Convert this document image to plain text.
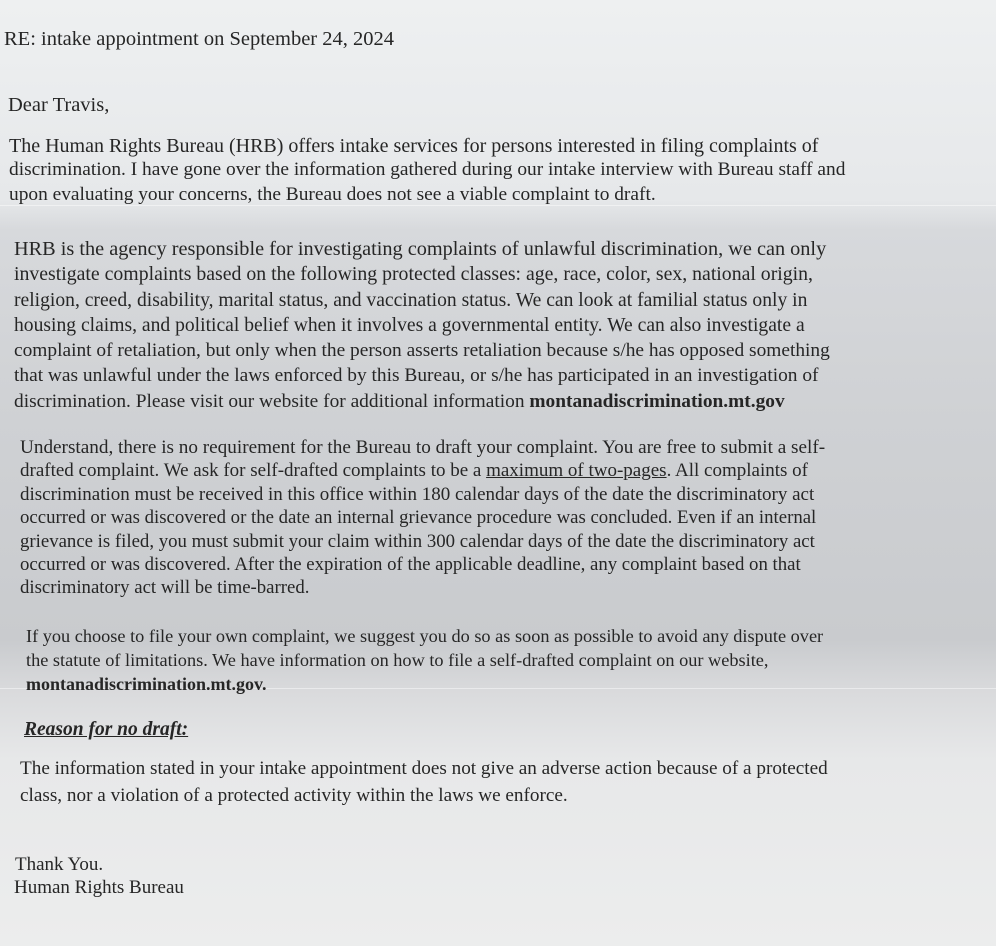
RE: intake appointment on September 24, 2024
Dear Travis,
The Human Rights Bureau (HRB) offers intake services for persons interested in filing complaints of
discrimination. I have gone over the information gathered during our intake interview with Bureau staff and
upon evaluating your concerns, the Bureau does not see a viable complaint to draft.
HRB is the agency responsible for investigating complaints of unlawful discrimination, we can only
investigate complaints based on the following protected classes: age, race, color, sex, national origin,
religion, creed, disability, marital status, and vaccination status. We can look at familial status only in
housing claims, and political belief when it involves a governmental entity. We can also investigate a
complaint of retaliation, but only when the person asserts retaliation because s/he has opposed something
that was unlawful under the laws enforced by this Bureau, or s/he has participated in an investigation of
discrimination. Please visit our website for additional information montanadiscrimination.mt.gov
Understand, there is no requirement for the Bureau to draft your complaint. You are free to submit a self-
drafted complaint. We ask for self-drafted complaints to be a maximum of two-pages. All complaints of
discrimination must be received in this office within 180 calendar days of the date the discriminatory act
occurred or was discovered or the date an internal grievance procedure was concluded. Even if an internal
grievance is filed, you must submit your claim within 300 calendar days of the date the discriminatory act
occurred or was discovered. After the expiration of the applicable deadline, any complaint based on that
discriminatory act will be time-barred.
If you choose to file your own complaint, we suggest you do so as soon as possible to avoid any dispute over
the statute of limitations. We have information on how to file a self-drafted complaint on our website,
montanadiscrimination.mt.gov.
Reason for no draft:
The information stated in your intake appointment does not give an adverse action because of a protected
class, nor a violation of a protected activity within the laws we enforce.
Thank You.
Human Rights Bureau
